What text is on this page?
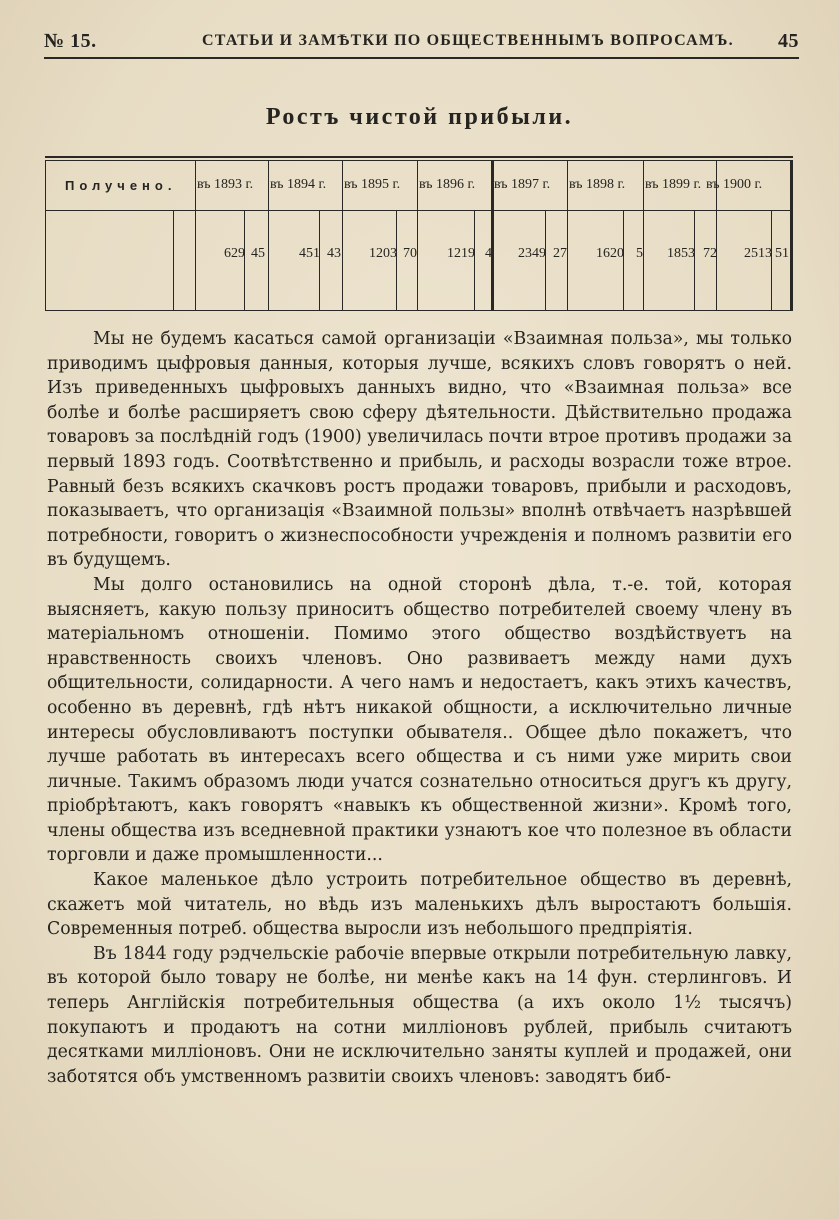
№ 15.	СТАТЬИ И ЗАМѢТКИ ПО ОБЩЕСТВЕННЫМЪ ВОПРОСАМЪ. 45
Ростъ чистой прибыли.
Получено. въ 1893 г. въ 1894 г. въ 1895 г. въ 1896 г. въ 1897 г. въ 1898 г. въ 1899 г. въ 1900 г.
629 45 451 43 1203 70 1219 4 2349 27 1620 5 1853 72 2513 51

Мы не будемъ касаться самой организаціи «Взаимная польза», мы только приводимъ цыфровыя данныя, которыя лучше, всякихъ словъ говорятъ о ней. Изъ приведенныхъ цыфровыхъ данныхъ видно, что «Взаимная польза» все болѣе и болѣе расширяетъ свою сферу дѣятельности. Дѣйствительно продажа товаровъ за послѣдній годъ (1900) увеличилась почти втрое противъ продажи за первый 1893 годъ. Соотвѣтственно и прибыль, и расходы возрасли тоже втрое. Равный безъ всякихъ скачковъ ростъ продажи товаровъ, прибыли и расходовъ, показываетъ, что организація «Взаимной пользы» вполнѣ отвѣчаетъ назрѣвшей потребности, говоритъ о жизнеспособности учрежденія и полномъ развитіи его въ будущемъ.

Мы долго остановились на одной сторонѣ дѣла, т.-е. той, которая выясняетъ, какую пользу приноситъ общество потребителей своему члену въ матеріальномъ отношеніи. Помимо этого общество воздѣйствуетъ на нравственность своихъ членовъ. Оно развиваетъ между нами духъ общительности, солидарности. А чего намъ и недостаетъ, какъ этихъ качествъ, особенно въ деревнѣ, гдѣ нѣтъ никакой общности, а исключительно личные интересы обусловливаютъ поступки обывателя.. Общее дѣло покажетъ, что лучше работать въ интересахъ всего общества и съ ними уже мирить свои личные. Такимъ образомъ люди учатся сознательно относиться другъ къ другу, пріобрѣтаютъ, какъ говорятъ «навыкъ къ общественной жизни». Кромѣ того, члены общества изъ вседневной практики узнаютъ кое что полезное въ области торговли и даже промышленности...

Какое маленькое дѣло устроить потребительное общество въ деревнѣ, скажетъ мой читатель, но вѣдь изъ маленькихъ дѣлъ выростаютъ большія. Современныя потреб. общества выросли изъ небольшого предпріятія.

Въ 1844 году рэдчельскіе рабочіе впервые открыли потребительную лавку, въ которой было товару не болѣе, ни менѣе какъ на 14 фун. стерлинговъ. И теперь Англійскія потребительныя общества (а ихъ около 1½ тысячъ) покупаютъ и продаютъ на сотни милліоновъ рублей, прибыль считаютъ десятками милліоновъ. Они не исключительно заняты куплей и продажей, они заботятся объ умственномъ развитіи своихъ членовъ: заводятъ биб-
